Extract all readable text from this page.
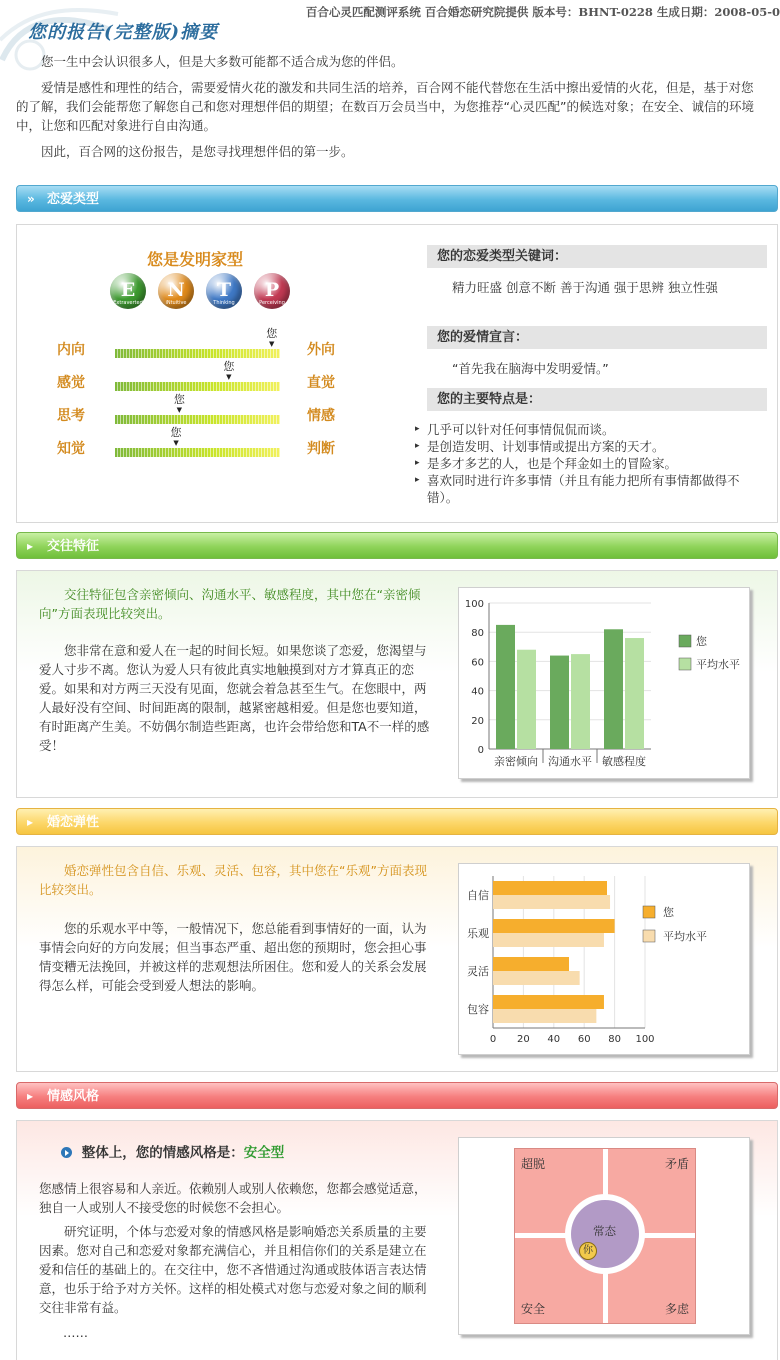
百合心灵匹配测评系统 百合婚恋研究院提供 版本号：BHNT-0228 生成日期：2008-05-0
您的报告(完整版)摘要

您一生中会认识很多人，但是大多数可能都不适合成为您的伴侣。

爱情是感性和理性的结合，需要爱情火花的激发和共同生活的培养，百合网不能代替您在生活中擦出爱情的火花，但是，基于对您的了解，我们会能帮您了解您自己和您对理想伴侣的期望；在数百万会员当中，为您推荐“心灵匹配”的候选对象；在安全、诚信的环境中，让您和匹配对象进行自由沟通。

因此，百合网的这份报告，是您寻找理想伴侣的第一步。

» 恋爱类型
您是发明家型
E
Extraverted
N
iNtuitive
T
Thinking
P
Perceiving
内向	外向
您
▼
感觉	直觉
您
▼
思考	情感
您
▼
知觉	判断
您
▼
您的恋爱类型关键词：
精力旺盛 创意不断 善于沟通 强于思辨 独立性强
您的爱情宣言：
“首先我在脑海中发明爱情。”
您的主要特点是：
▸ 几乎可以针对任何事情侃侃而谈。
▸ 是创造发明、计划事情或提出方案的天才。
▸ 是多才多艺的人，也是个拜金如土的冒险家。
▸ 喜欢同时进行许多事情（并且有能力把所有事情都做得不错）。
▸ 交往特征

交往特征包含亲密倾向、沟通水平、敏感程度，其中您在“亲密倾向”方面表现比较突出。

您非常在意和爱人在一起的时间长短。如果您谈了恋爱，您渴望与爱人寸步不离。您认为爱人只有彼此真实地触摸到对方才算真正的恋爱。如果和对方两三天没有见面，您就会着急甚至生气。在您眼中，两人最好没有空间、时间距离的限制，越紧密越相爱。但是您也要知道，有时距离产生美。不妨偶尔制造些距离，也许会带给您和TA不一样的感受！	0
20
40
60
80
100
亲密倾向 沟通水平 敏感程度
您
平均水平
▸ 婚恋弹性

婚恋弹性包含自信、乐观、灵活、包容，其中您在“乐观”方面表现比较突出。

您的乐观水平中等，一般情况下，您总能看到事情好的一面，认为事情会向好的方向发展；但当事态严重、超出您的预期时，您会担心事情变糟无法挽回，并被这样的悲观想法所困住。您和爱人的关系会发展得怎么样，可能会受到爱人想法的影响。

0 20 40 60 80 100
自信
乐观
灵活
包容
您
平均水平
▸ 情感风格
整体上，您的情感风格是：安全型
您感情上很容易和人亲近。依赖别人或别人依赖您，您都会感觉适意，独自一人或别人不接受您的时候您不会担心。

研究证明，个体与恋爱对象的情感风格是影响婚恋关系质量的主要因素。您对自己和恋爱对象都充满信心，并且相信你们的关系是建立在爱和信任的基础上的。在交往中，您不吝惜通过沟通或肢体语言表达情意，也乐于给予对方关怀。这样的相处模式对您与恋爱对象之间的顺利交往非常有益。

……
超脱	矛盾
安全	多虑
常态
你
